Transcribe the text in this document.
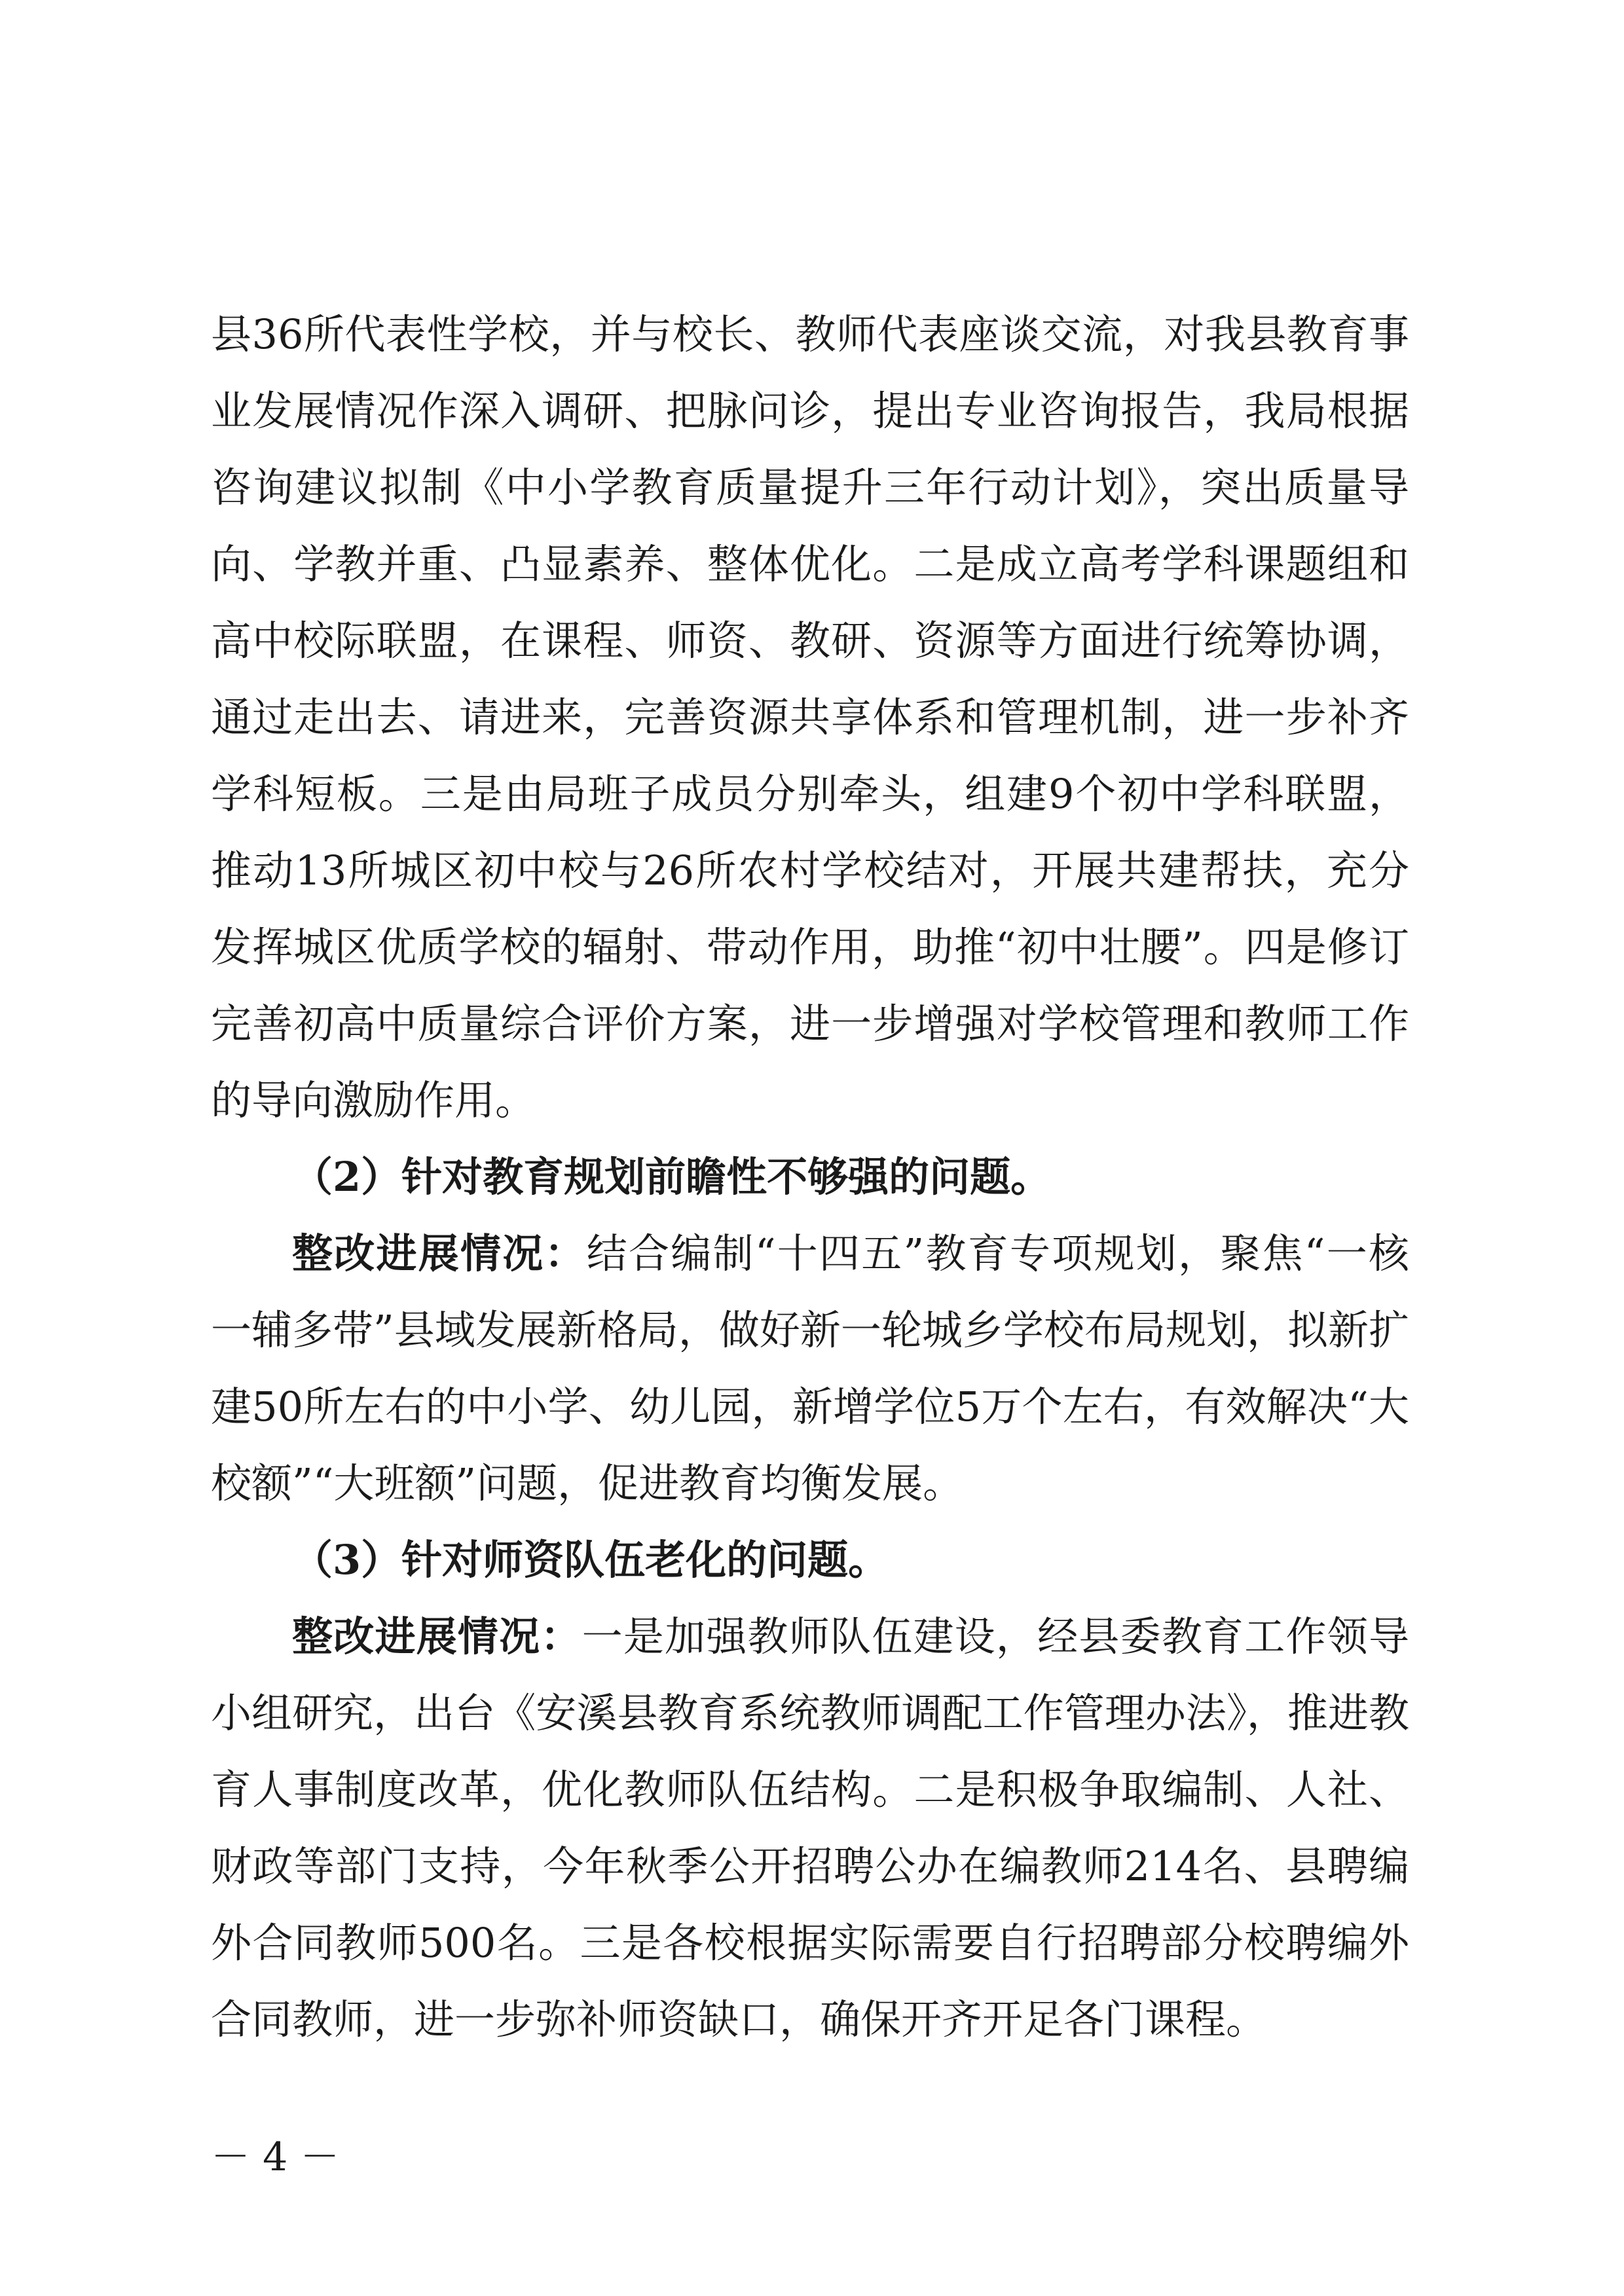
县36所代表性学校，并与校长、教师代表座谈交流，对我县教育事业发展情况作深入调研、把脉问诊，提出专业咨询报告，我局根据咨询建议拟制《中小学教育质量提升三年行动计划》，突出质量导向、学教并重、凸显素养、整体优化。二是成立高考学科课题组和高中校际联盟，在课程、师资、教研、资源等方面进行统筹协调，通过走出去、请进来，完善资源共享体系和管理机制，进一步补齐学科短板。三是由局班子成员分别牵头，组建9个初中学科联盟，推动13所城区初中校与26所农村学校结对，开展共建帮扶，充分发挥城区优质学校的辐射、带动作用，助推“初中壮腰”。四是修订完善初高中质量综合评价方案，进一步增强对学校管理和教师工作的导向激励作用。

（2）针对教育规划前瞻性不够强的问题。

整改进展情况：结合编制“十四五”教育专项规划，聚焦“一核一辅多带”县域发展新格局，做好新一轮城乡学校布局规划，拟新扩建50所左右的中小学、幼儿园，新增学位5万个左右，有效解决“大校额”“大班额”问题，促进教育均衡发展。

（3）针对师资队伍老化的问题。

整改进展情况：一是加强教师队伍建设，经县委教育工作领导小组研究，出台《安溪县教育系统教师调配工作管理办法》，推进教育人事制度改革，优化教师队伍结构。二是积极争取编制、人社、财政等部门支持，今年秋季公开招聘公办在编教师214名、县聘编外合同教师500名。三是各校根据实际需要自行招聘部分校聘编外合同教师，进一步弥补师资缺口，确保开齐开足各门课程。

－ 4 －
